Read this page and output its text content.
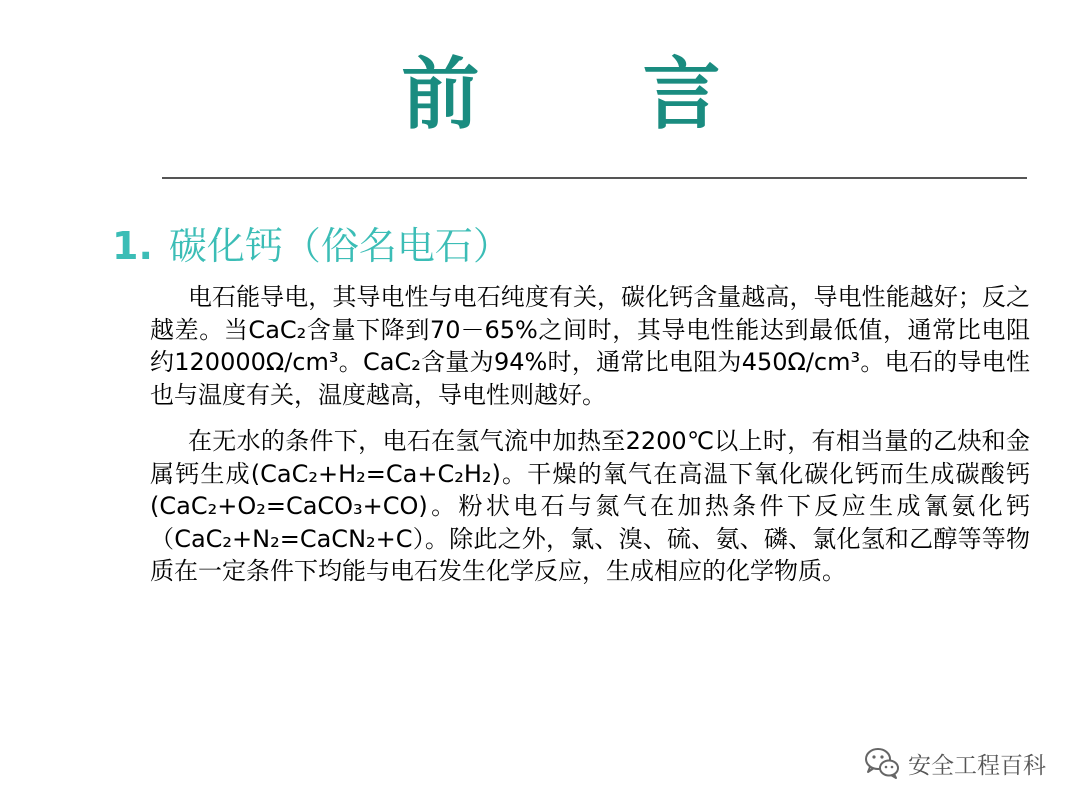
前 言
1. 碳化钙（俗名电石）

电石能导电，其导电性与电石纯度有关，碳化钙含量越高，导电性能越好；反之越差。当CaC₂含量下降到70－65%之间时，其导电性能达到最低值，通常比电阻约120000Ω/cm³。CaC₂含量为94%时，通常比电阻为450Ω/cm³。电石的导电性也与温度有关，温度越高，导电性则越好。

在无水的条件下，电石在氢气流中加热至2200℃以上时，有相当量的乙炔和金属钙生成(CaC₂+H₂=Ca+C₂H₂)。干燥的氧气在高温下氧化碳化钙而生成碳酸钙(CaC₂+O₂=CaCO₃+CO)。粉状电石与氮气在加热条件下反应生成氰氨化钙（CaC₂+N₂=CaCN₂+C）。除此之外，氯、溴、硫、氨、磷、氯化氢和乙醇等等物质在一定条件下均能与电石发生化学反应，生成相应的化学物质。

安全工程百科
